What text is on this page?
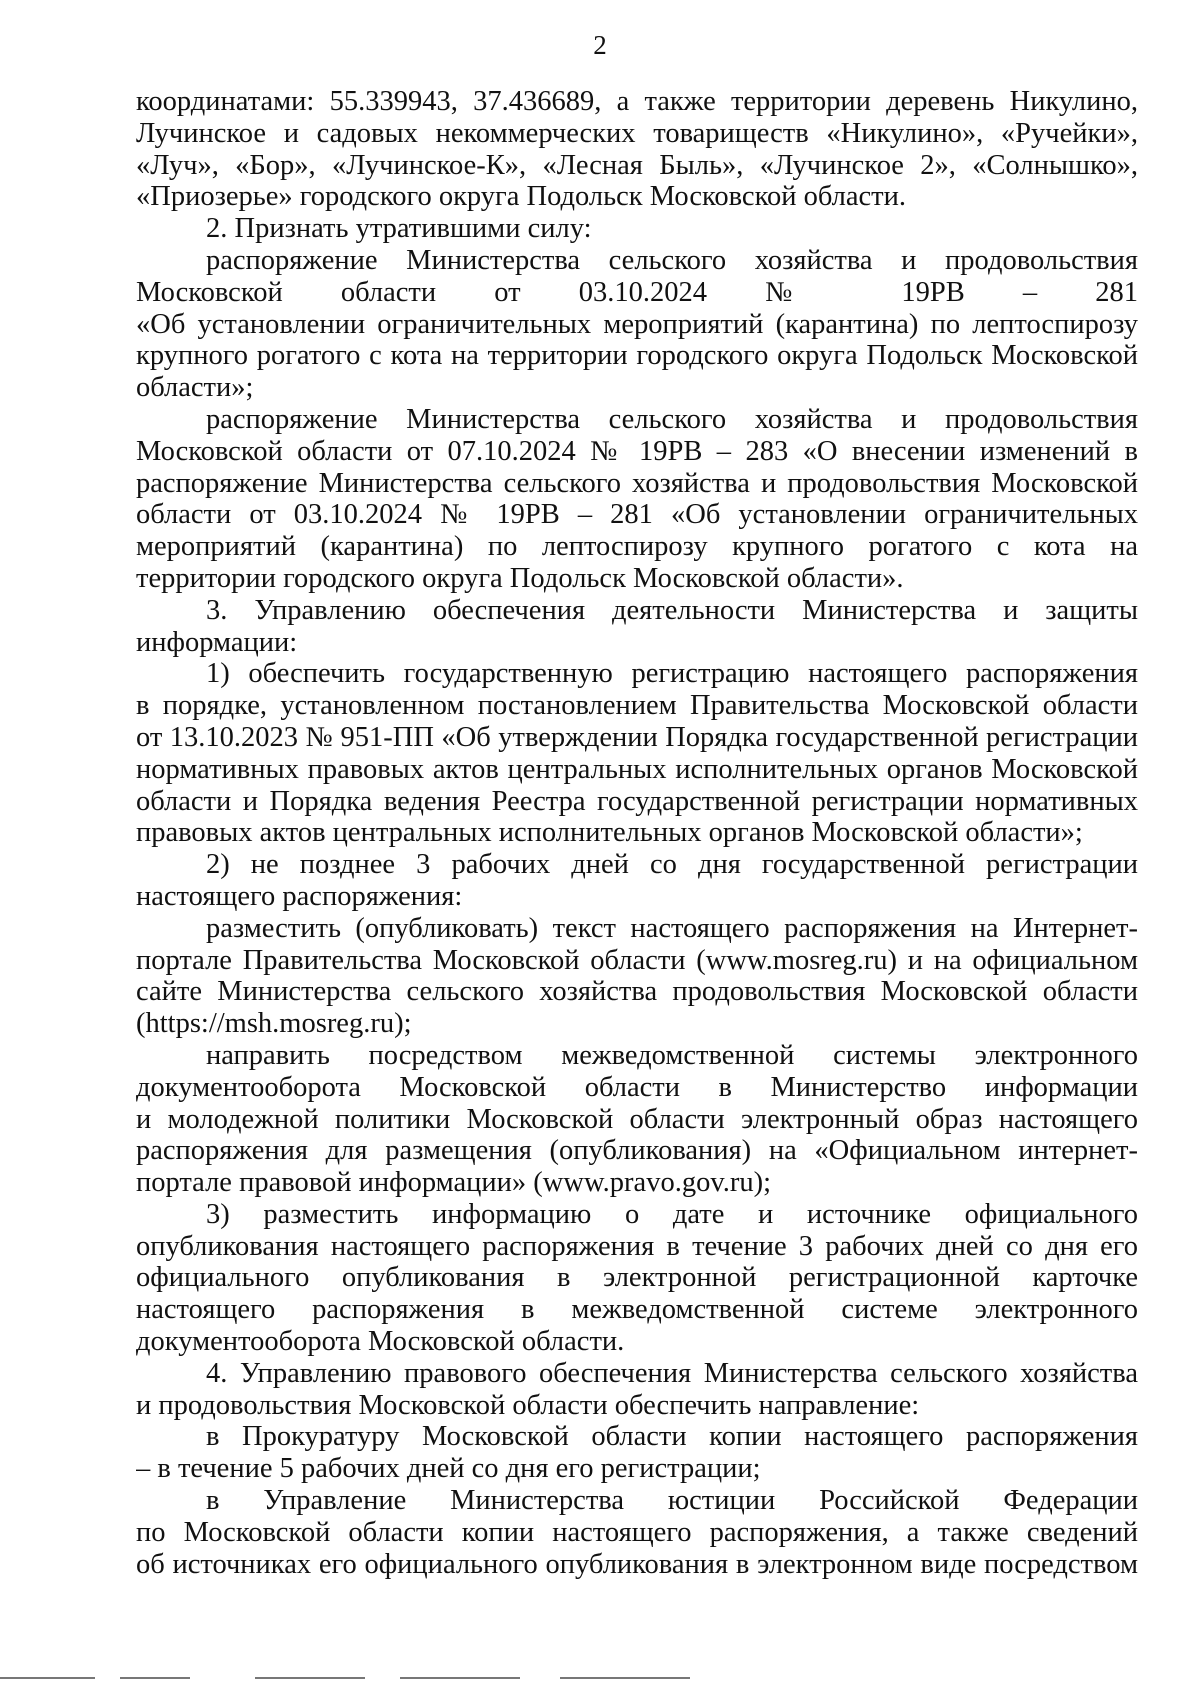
2
координатами: 55.339943, 37.436689, а также территории деревень Никулино,
Лучинское и садовых некоммерческих товариществ «Никулино», «Ручейки»,
«Луч», «Бор», «Лучинское-К», «Лесная Быль», «Лучинское 2», «Солнышко»,
«Приозерье» городского округа Подольск Московской области.
2. Признать утратившими силу:
распоряжение Министерства сельского хозяйства и продовольствия
Московской области от 03.10.2024 № 19РВ – 281
«Об установлении ограничительных мероприятий (карантина) по лептоспирозу
крупного рогатого с кота на территории городского округа Подольск Московской
области»;
распоряжение Министерства сельского хозяйства и продовольствия
Московской области от 07.10.2024 № 19РВ – 283 «О внесении изменений в
распоряжение Министерства сельского хозяйства и продовольствия Московской
области от 03.10.2024 № 19РВ – 281 «Об установлении ограничительных
мероприятий (карантина) по лептоспирозу крупного рогатого с кота на
территории городского округа Подольск Московской области».
3. Управлению обеспечения деятельности Министерства и защиты
информации:
1) обеспечить государственную регистрацию настоящего распоряжения
в порядке, установленном постановлением Правительства Московской области
от 13.10.2023 № 951-ПП «Об утверждении Порядка государственной регистрации
нормативных правовых актов центральных исполнительных органов Московской
области и Порядка ведения Реестра государственной регистрации нормативных
правовых актов центральных исполнительных органов Московской области»;
2) не позднее 3 рабочих дней со дня государственной регистрации
настоящего распоряжения:
разместить (опубликовать) текст настоящего распоряжения на Интернет-
портале Правительства Московской области (www.mosreg.ru) и на официальном
сайте Министерства сельского хозяйства продовольствия Московской области
(https://msh.mosreg.ru);
направить посредством межведомственной системы электронного
документооборота Московской области в Министерство информации
и молодежной политики Московской области электронный образ настоящего
распоряжения для размещения (опубликования) на «Официальном интернет-
портале правовой информации» (www.pravo.gov.ru);
3) разместить информацию о дате и источнике официального
опубликования настоящего распоряжения в течение 3 рабочих дней со дня его
официального опубликования в электронной регистрационной карточке
настоящего распоряжения в межведомственной системе электронного
документооборота Московской области.
4. Управлению правового обеспечения Министерства сельского хозяйства
и продовольствия Московской области обеспечить направление:
в Прокуратуру Московской области копии настоящего распоряжения
– в течение 5 рабочих дней со дня его регистрации;
в Управление Министерства юстиции Российской Федерации
по Московской области копии настоящего распоряжения, а также сведений
об источниках его официального опубликования в электронном виде посредством
